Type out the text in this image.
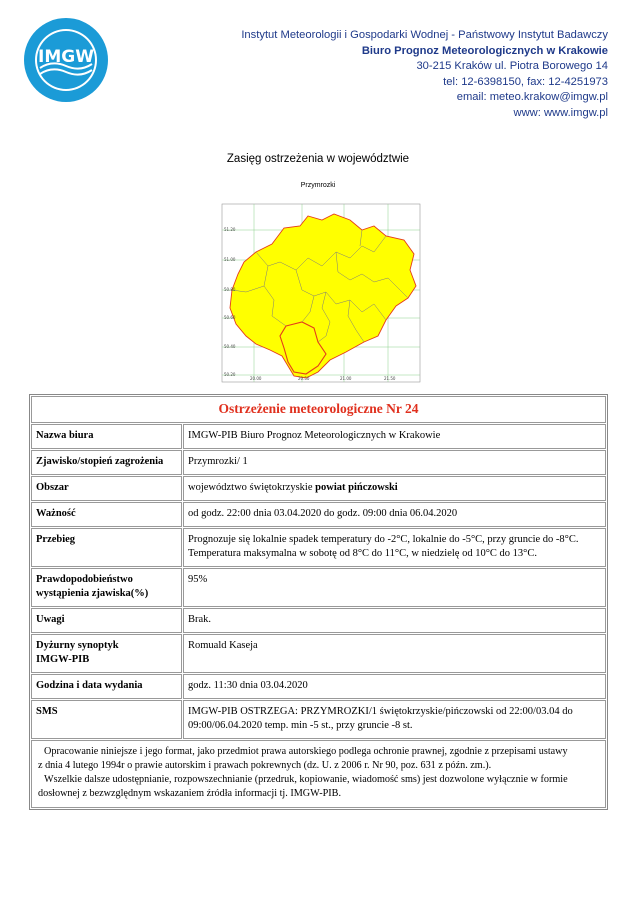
IMGW
Instytut Meteorologii i Gospodarki Wodnej - Państwowy Instytut Badawczy
Biuro Prognoz Meteorologicznych w Krakowie
30-215 Kraków ul. Piotra Borowego 14
tel: 12-6398150, fax: 12-4251973
email: meteo.krakow@imgw.pl
www: www.imgw.pl
Zasięg ostrzeżenia w województwie
Przymrozki
51.20
51.00
50.80
50.60
50.40
50.20
20.00	20.50	21.00	21.50
Ostrzeżenie meteorologiczne Nr 24	
Nazwa biura	IMGW-PIB Biuro Prognoz Meteorologicznych w Krakowie
Zjawisko/stopień zagrożenia	Przymrozki/ 1
Obszar	województwo świętokrzyskie powiat pińczowski
Ważność	od godz. 22:00 dnia 03.04.2020 do godz. 09:00 dnia 06.04.2020
Przebieg	Prognozuje się lokalnie spadek temperatury do -2°C, lokalnie do -5°C, przy gruncie do -8°C.
Temperatura maksymalna w sobotę od 8°C do 11°C, w niedzielę od 10°C do 13°C.

Prawdopodobieństwo
wystąpienia zjawiska(%)	95%
Uwagi	Brak.

Dyżurny synoptyk
IMGW-PIB	Romuald Kaseja
Godzina i data wydania	godz. 11:30 dnia 03.04.2020
SMS	IMGW-PIB OSTRZEGA: PRZYMROZKI/1 świętokrzyskie/pińczowski od 22:00/03.04 do
09:00/06.04.2020 temp. min -5 st., przy gruncie -8 st.

Opracowanie niniejsze i jego format, jako przedmiot prawa autorskiego podlega ochronie prawnej, zgodnie z przepisami ustawy
z dnia 4 lutego 1994r o prawie autorskim i prawach pokrewnych (dz. U. z 2006 r. Nr 90, poz. 631 z późn. zm.).
Wszelkie dalsze udostępnianie, rozpowszechnianie (przedruk, kopiowanie, wiadomość sms) jest dozwolone wyłącznie w formie
dosłownej z bezwzględnym wskazaniem źródła informacji tj. IMGW-PIB.	
